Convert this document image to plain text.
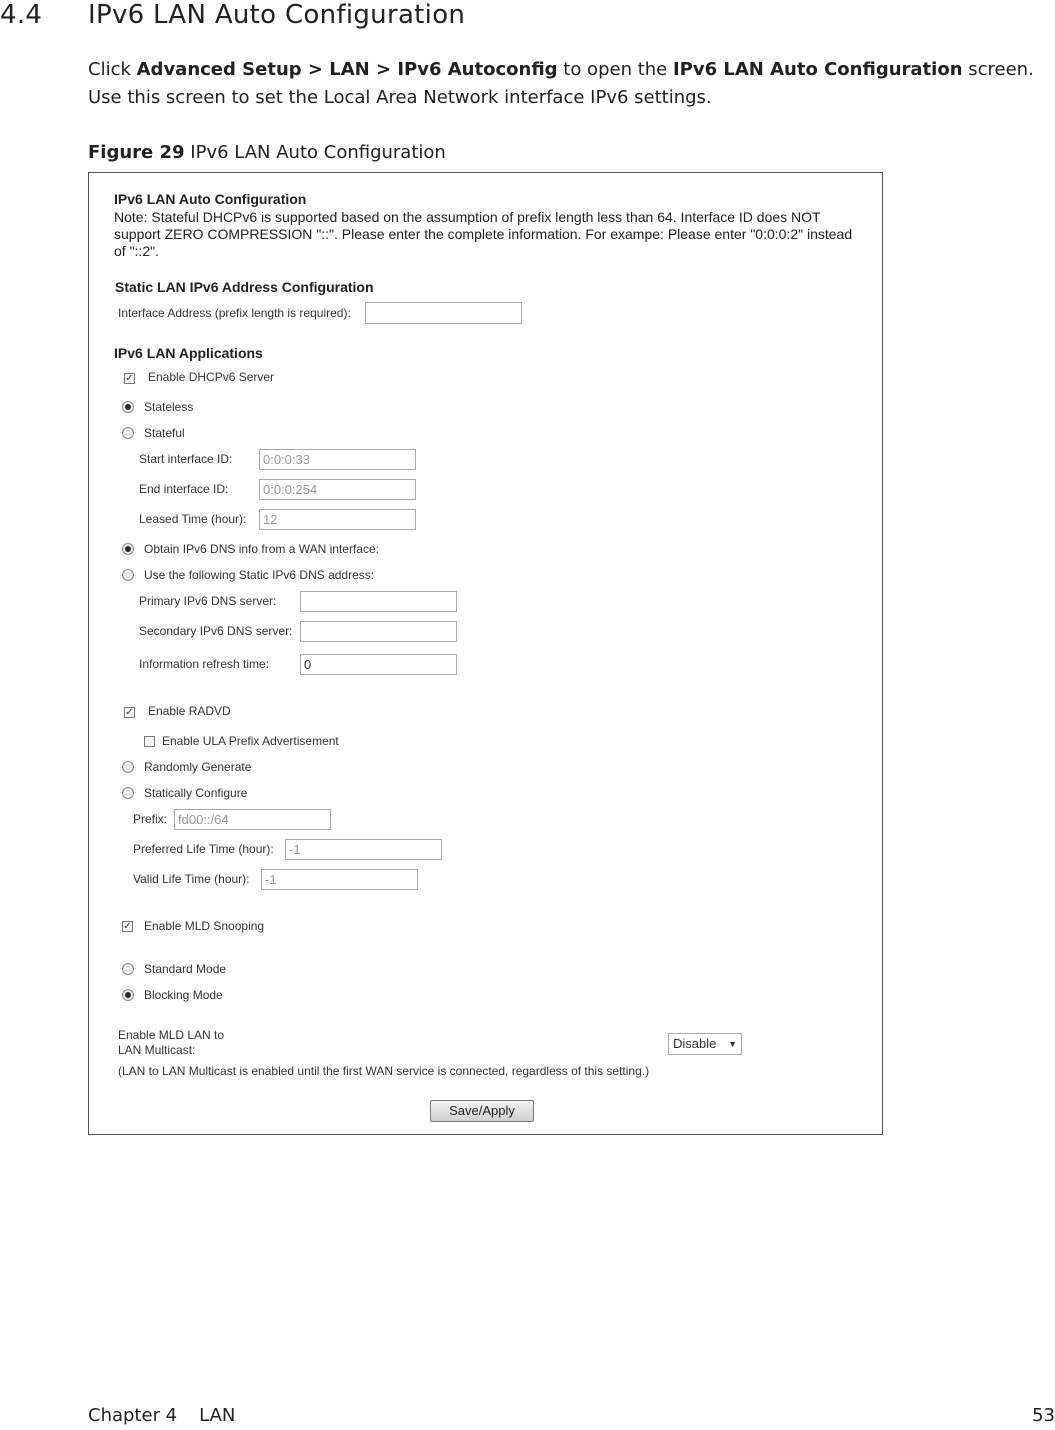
4.4 IPv6 LAN Auto Configuration

Click Advanced Setup > LAN > IPv6 Autoconfig to open the IPv6 LAN Auto Configuration screen.
Use this screen to set the Local Area Network interface IPv6 settings.

Figure 29 IPv6 LAN Auto Configuration

IPv6 LAN Auto Configuration
Note: Stateful DHCPv6 is supported based on the assumption of prefix length less than 64. Interface ID does NOT support ZERO COMPRESSION "::". Please enter the complete information. For exampe: Please enter "0:0:0:2" instead of "::2".
Static LAN IPv6 Address Configuration
Interface Address (prefix length is required):
IPv6 LAN Applications
✓ Enable DHCPv6 Server
Stateless
Stateful
Start interface ID:
0:0:0:33
End interface ID:
0:0:0:254
Leased Time (hour):
12
Obtain IPv6 DNS info from a WAN interface:
Use the following Static IPv6 DNS address:
Primary IPv6 DNS server:
Secondary IPv6 DNS server:
Information refresh time:
0
✓ Enable RADVD
Enable ULA Prefix Advertisement
Randomly Generate
Statically Configure
Prefix:
fd00::/64
Preferred Life Time (hour):
-1
Valid Life Time (hour):
-1
✓ Enable MLD Snooping
Standard Mode
Blocking Mode
Enable MLD LAN to
LAN Multicast:	Disable ▼
(LAN to LAN Multicast is enabled until the first WAN service is connected, regardless of this setting.)
Save/Apply
Chapter 4 LAN	53
